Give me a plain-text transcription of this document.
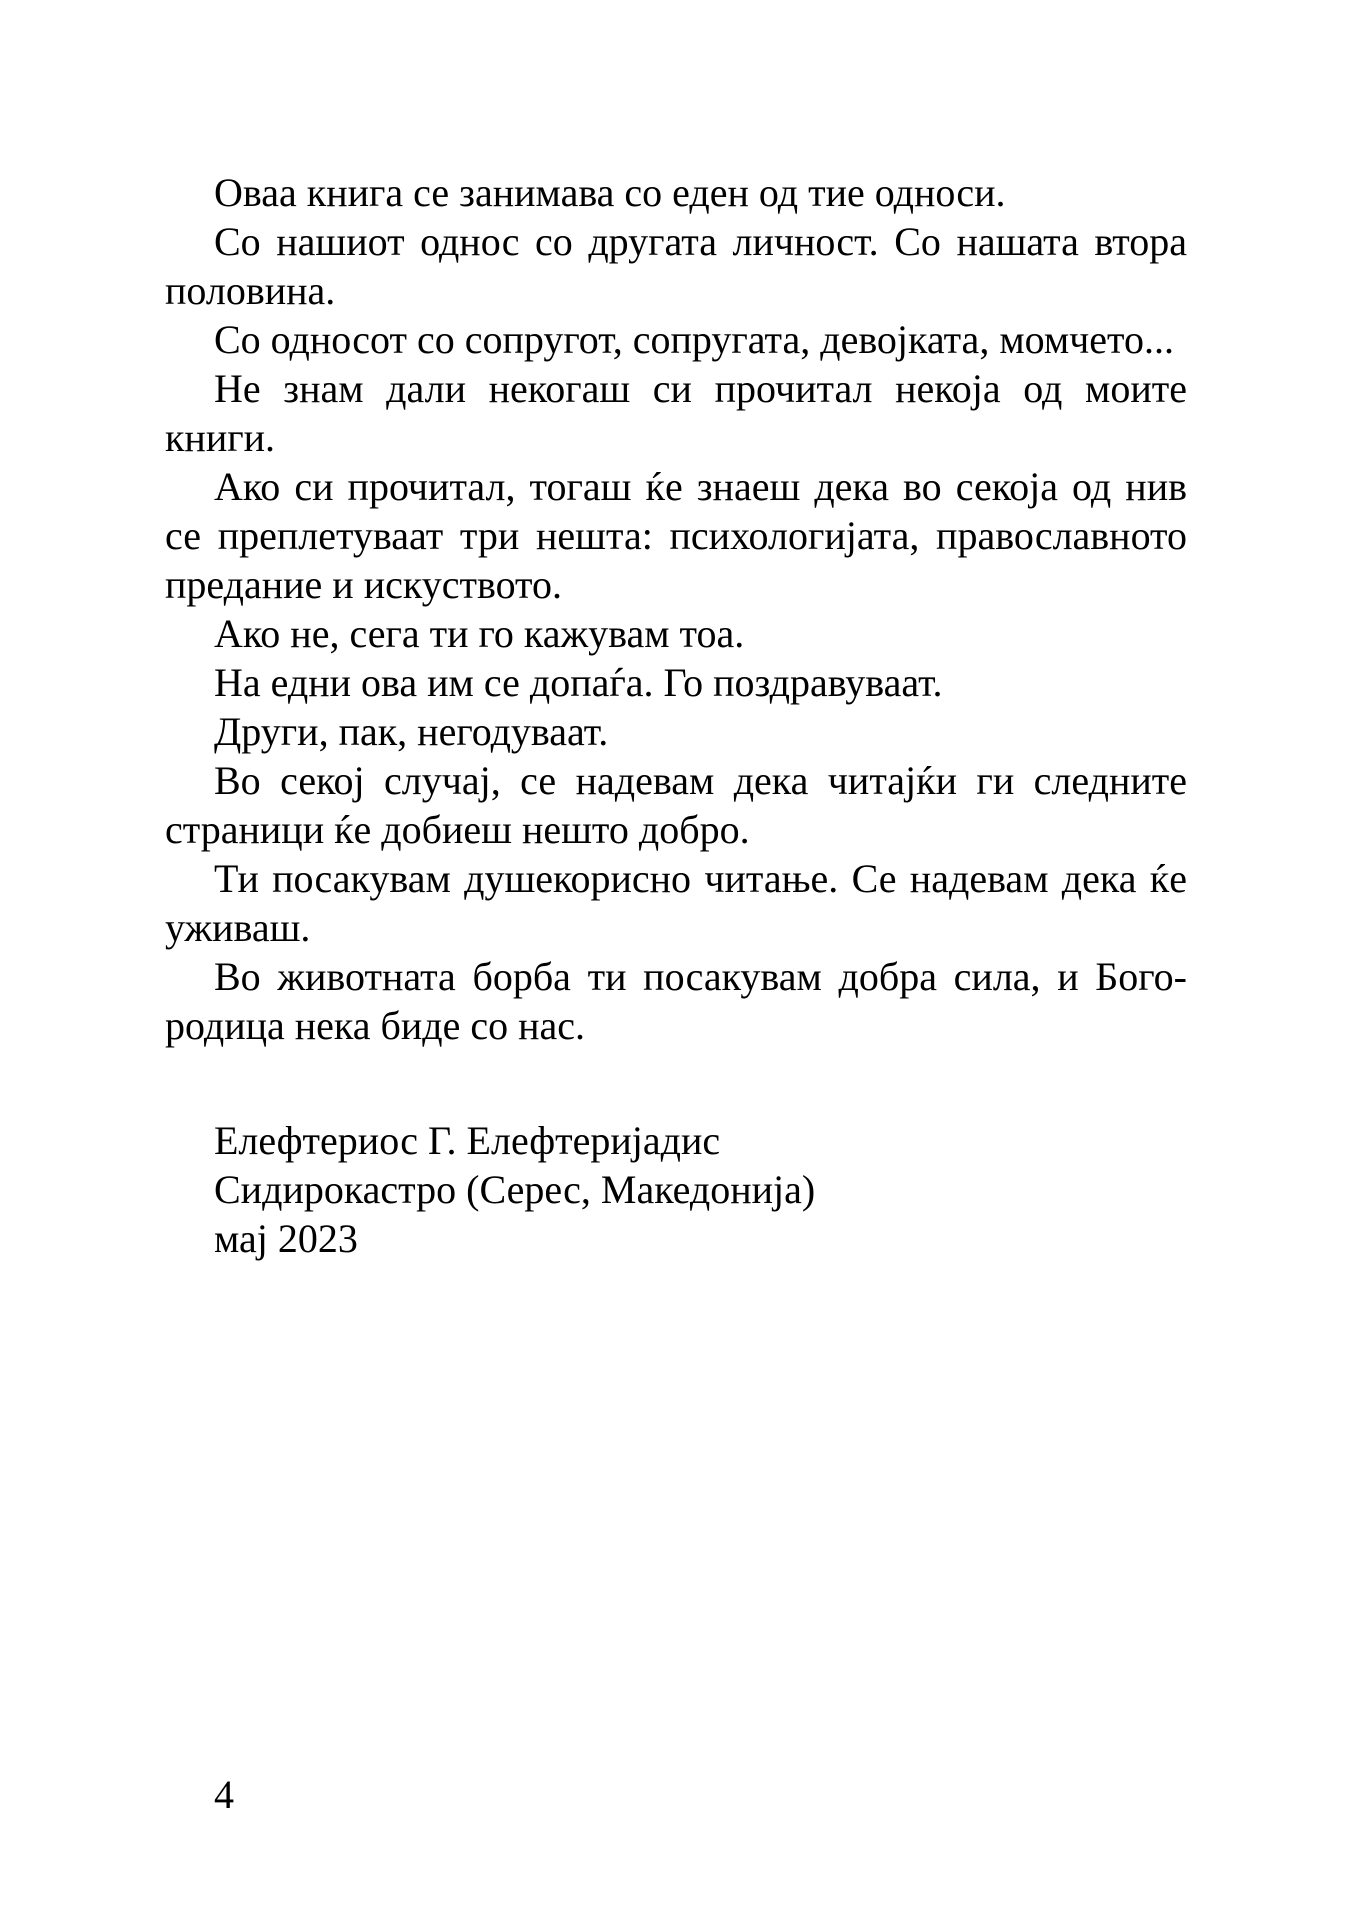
Оваа книга се занимава со еден од тие односи.

Со нашиот однос со другата личност. Со нашата втора половина.

Со односот со сопругот, сопругата, девојката, момчето...

Не знам дали некогаш си прочитал некоја од моите книги.

Ако си прочитал, тогаш ќе знаеш дека во секоја од нив се преплетуваат три нешта: психологијата, православното предание и искуството.

Ако не, сега ти го кажувам тоа.

На едни ова им се допаѓа. Го поздравуваат.

Други, пак, негодуваат.

Во секој случај, се надевам дека читајќи ги следните страници ќе добиеш нешто добро.

Ти посакувам душекорисно читање. Се надевам дека ќе уживаш.

Во животната борба ти посакувам добра сила, и Богородица нека биде со нас.

Елефтериос Г. Елефтеријадис
Сидирокастро (Серес, Македонија)
мај 2023
4
